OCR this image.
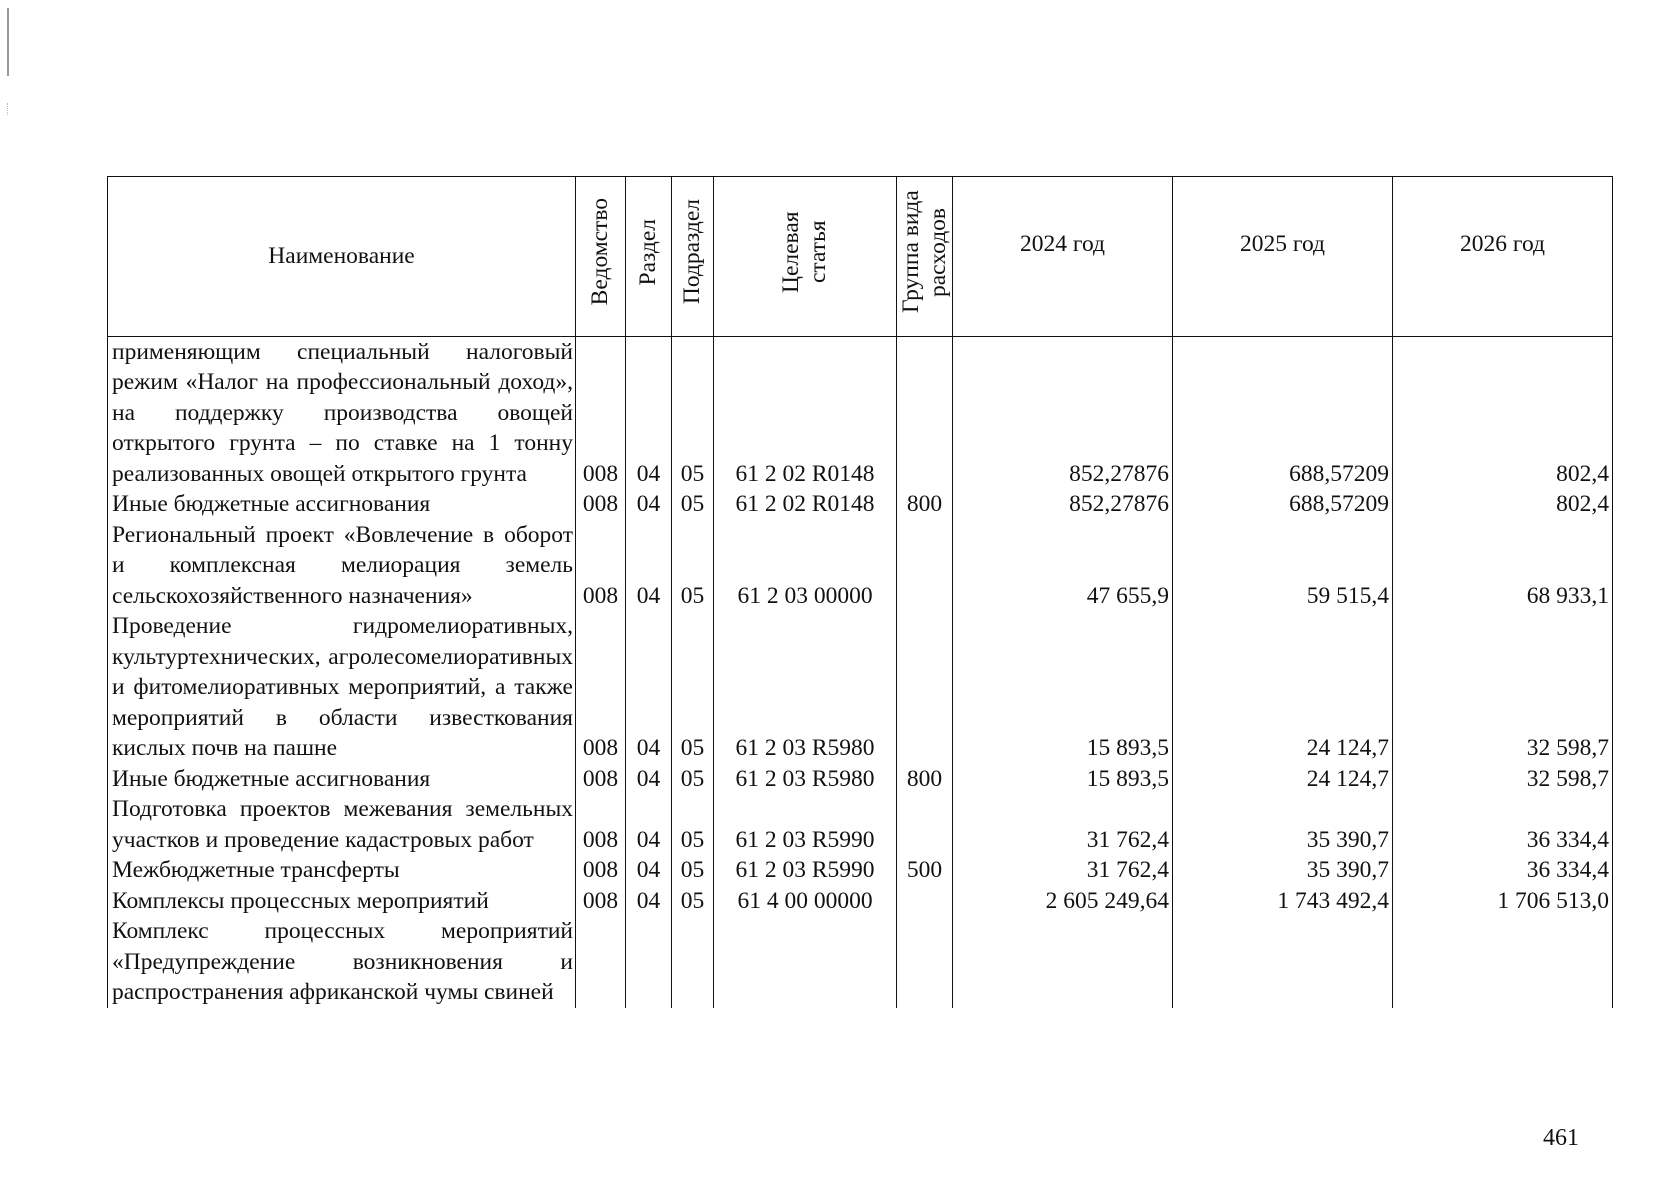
Наименование	Ведомство	Раздел	Подраздел	Целевая статья	Группа вида расходов	2024 год	2025 год	2026 год
применяющим специальный налоговый режим «Налог на профессиональный доход», на поддержку производства овощей открытого грунта – по ставке на 1 тонну реализованных овощей открытого грунта	008	04	05	61 2 02 R0148		852,27876	688,57209	802,4
Иные бюджетные ассигнования	008	04	05	61 2 02 R0148	800	852,27876	688,57209	802,4
Региональный проект «Вовлечение в оборот и комплексная мелиорация земель сельскохозяйственного назначения»	008	04	05	61 2 03 00000		47 655,9	59 515,4	68 933,1
Проведение гидромелиоративных, культуртехнических, агролесомелиоративных и фитомелиоративных мероприятий, а также мероприятий в области известкования кислых почв на пашне	008	04	05	61 2 03 R5980		15 893,5	24 124,7	32 598,7
Иные бюджетные ассигнования	008	04	05	61 2 03 R5980	800	15 893,5	24 124,7	32 598,7
Подготовка проектов межевания земельных участков и проведение кадастровых работ	008	04	05	61 2 03 R5990		31 762,4	35 390,7	36 334,4
Межбюджетные трансферты	008	04	05	61 2 03 R5990	500	31 762,4	35 390,7	36 334,4
Комплексы процессных мероприятий	008	04	05	61 4 00 00000		2 605 249,64	1 743 492,4	1 706 513,0
Комплекс процессных мероприятий «Предупреждение возникновения и распространения африканской чумы свиней								
461
